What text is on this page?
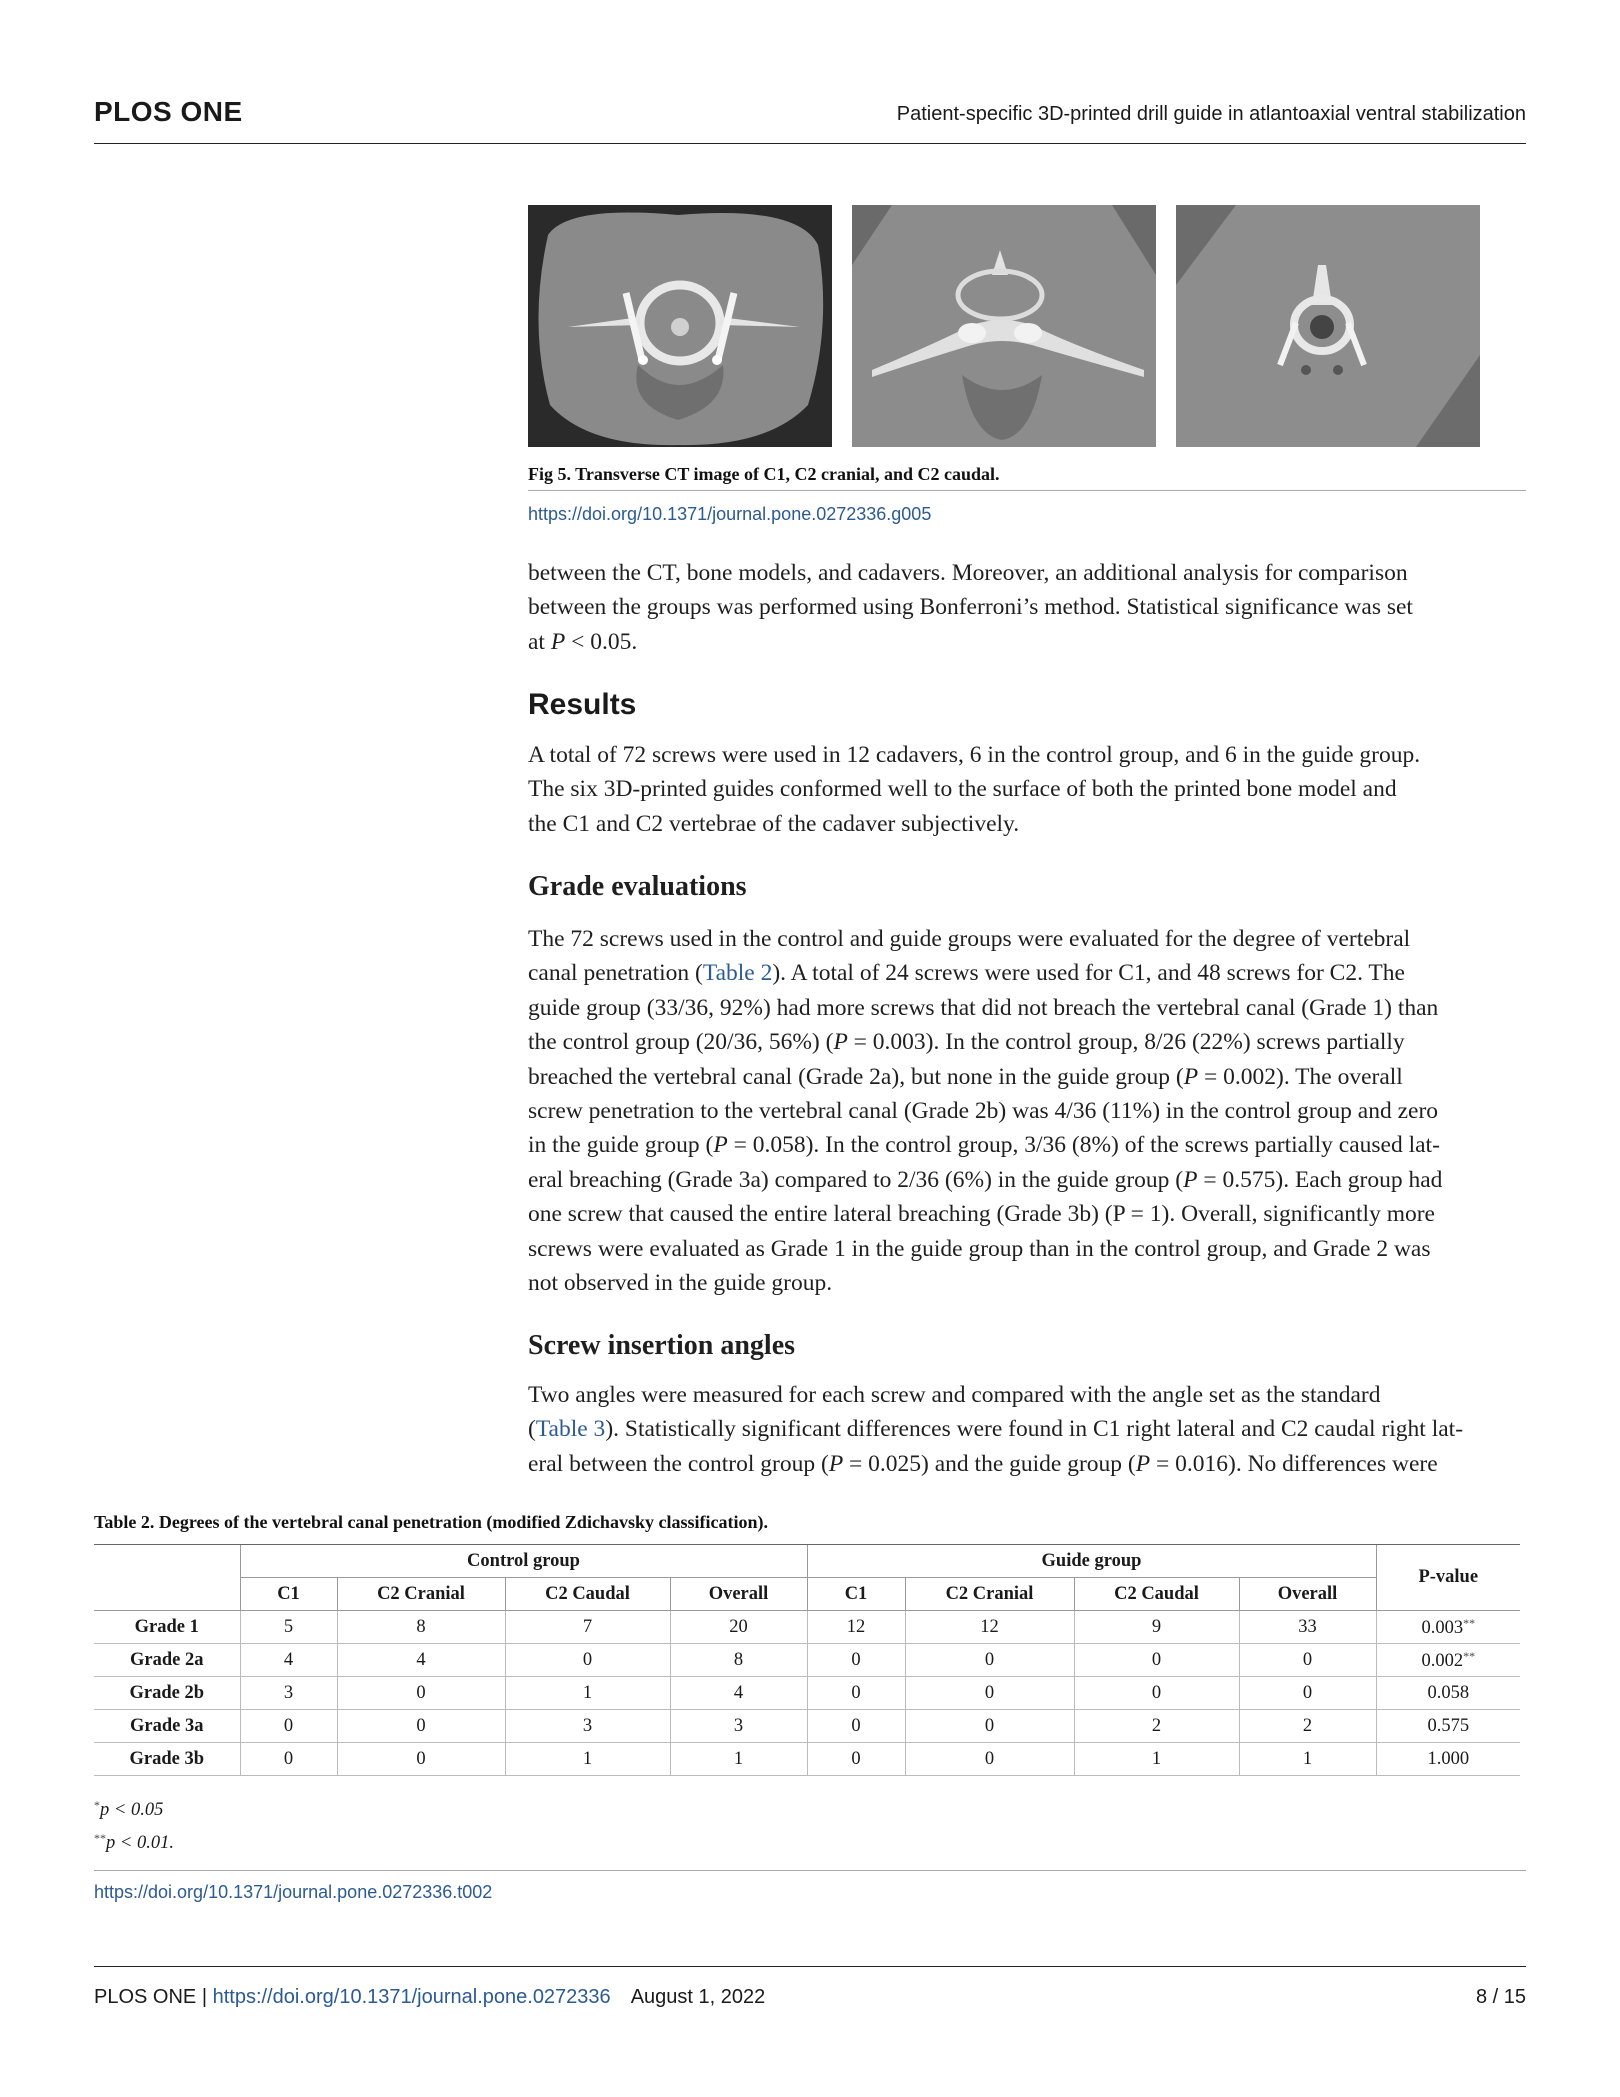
PLOS ONE	Patient-specific 3D-printed drill guide in atlantoaxial ventral stabilization
Fig 5. Transverse CT image of C1, C2 cranial, and C2 caudal.
https://doi.org/10.1371/journal.pone.0272336.g005

between the CT, bone models, and cadavers. Moreover, an additional analysis for comparison
between the groups was performed using Bonferroni’s method. Statistical significance was set
at P < 0.05.

Results

A total of 72 screws were used in 12 cadavers, 6 in the control group, and 6 in the guide group.
The six 3D-printed guides conformed well to the surface of both the printed bone model and
the C1 and C2 vertebrae of the cadaver subjectively.

Grade evaluations

The 72 screws used in the control and guide groups were evaluated for the degree of vertebral
canal penetration (Table 2). A total of 24 screws were used for C1, and 48 screws for C2. The
guide group (33/36, 92%) had more screws that did not breach the vertebral canal (Grade 1) than
the control group (20/36, 56%) (P = 0.003). In the control group, 8/26 (22%) screws partially
breached the vertebral canal (Grade 2a), but none in the guide group (P = 0.002). The overall
screw penetration to the vertebral canal (Grade 2b) was 4/36 (11%) in the control group and zero
in the guide group (P = 0.058). In the control group, 3/36 (8%) of the screws partially caused lat-
eral breaching (Grade 3a) compared to 2/36 (6%) in the guide group (P = 0.575). Each group had
one screw that caused the entire lateral breaching (Grade 3b) (P = 1). Overall, significantly more
screws were evaluated as Grade 1 in the guide group than in the control group, and Grade 2 was
not observed in the guide group.

Screw insertion angles

Two angles were measured for each screw and compared with the angle set as the standard
(Table 3). Statistically significant differences were found in C1 right lateral and C2 caudal right lat-
eral between the control group (P = 0.025) and the guide group (P = 0.016). No differences were

Table 2. Degrees of the vertebral canal penetration (modified Zdichavsky classification).
	Control group				Guide group				P-value
	C1	C2 Cranial	C2 Caudal	Overall	C1	C2 Cranial	C2 Caudal	Overall	
Grade 1	5	8	7	20	12	12	9	33	0.003**
Grade 2a	4	4	0	8	0	0	0	0	0.002**
Grade 2b	3	0	1	4	0	0	0	0	0.058
Grade 3a	0	0	3	3	0	0	2	2	0.575
Grade 3b	0	0	1	1	0	0	1	1	1.000
*p < 0.05
**p < 0.01.
https://doi.org/10.1371/journal.pone.0272336.t002
PLOS ONE | https://doi.org/10.1371/journal.pone.0272336 August 1, 2022	8 / 15
